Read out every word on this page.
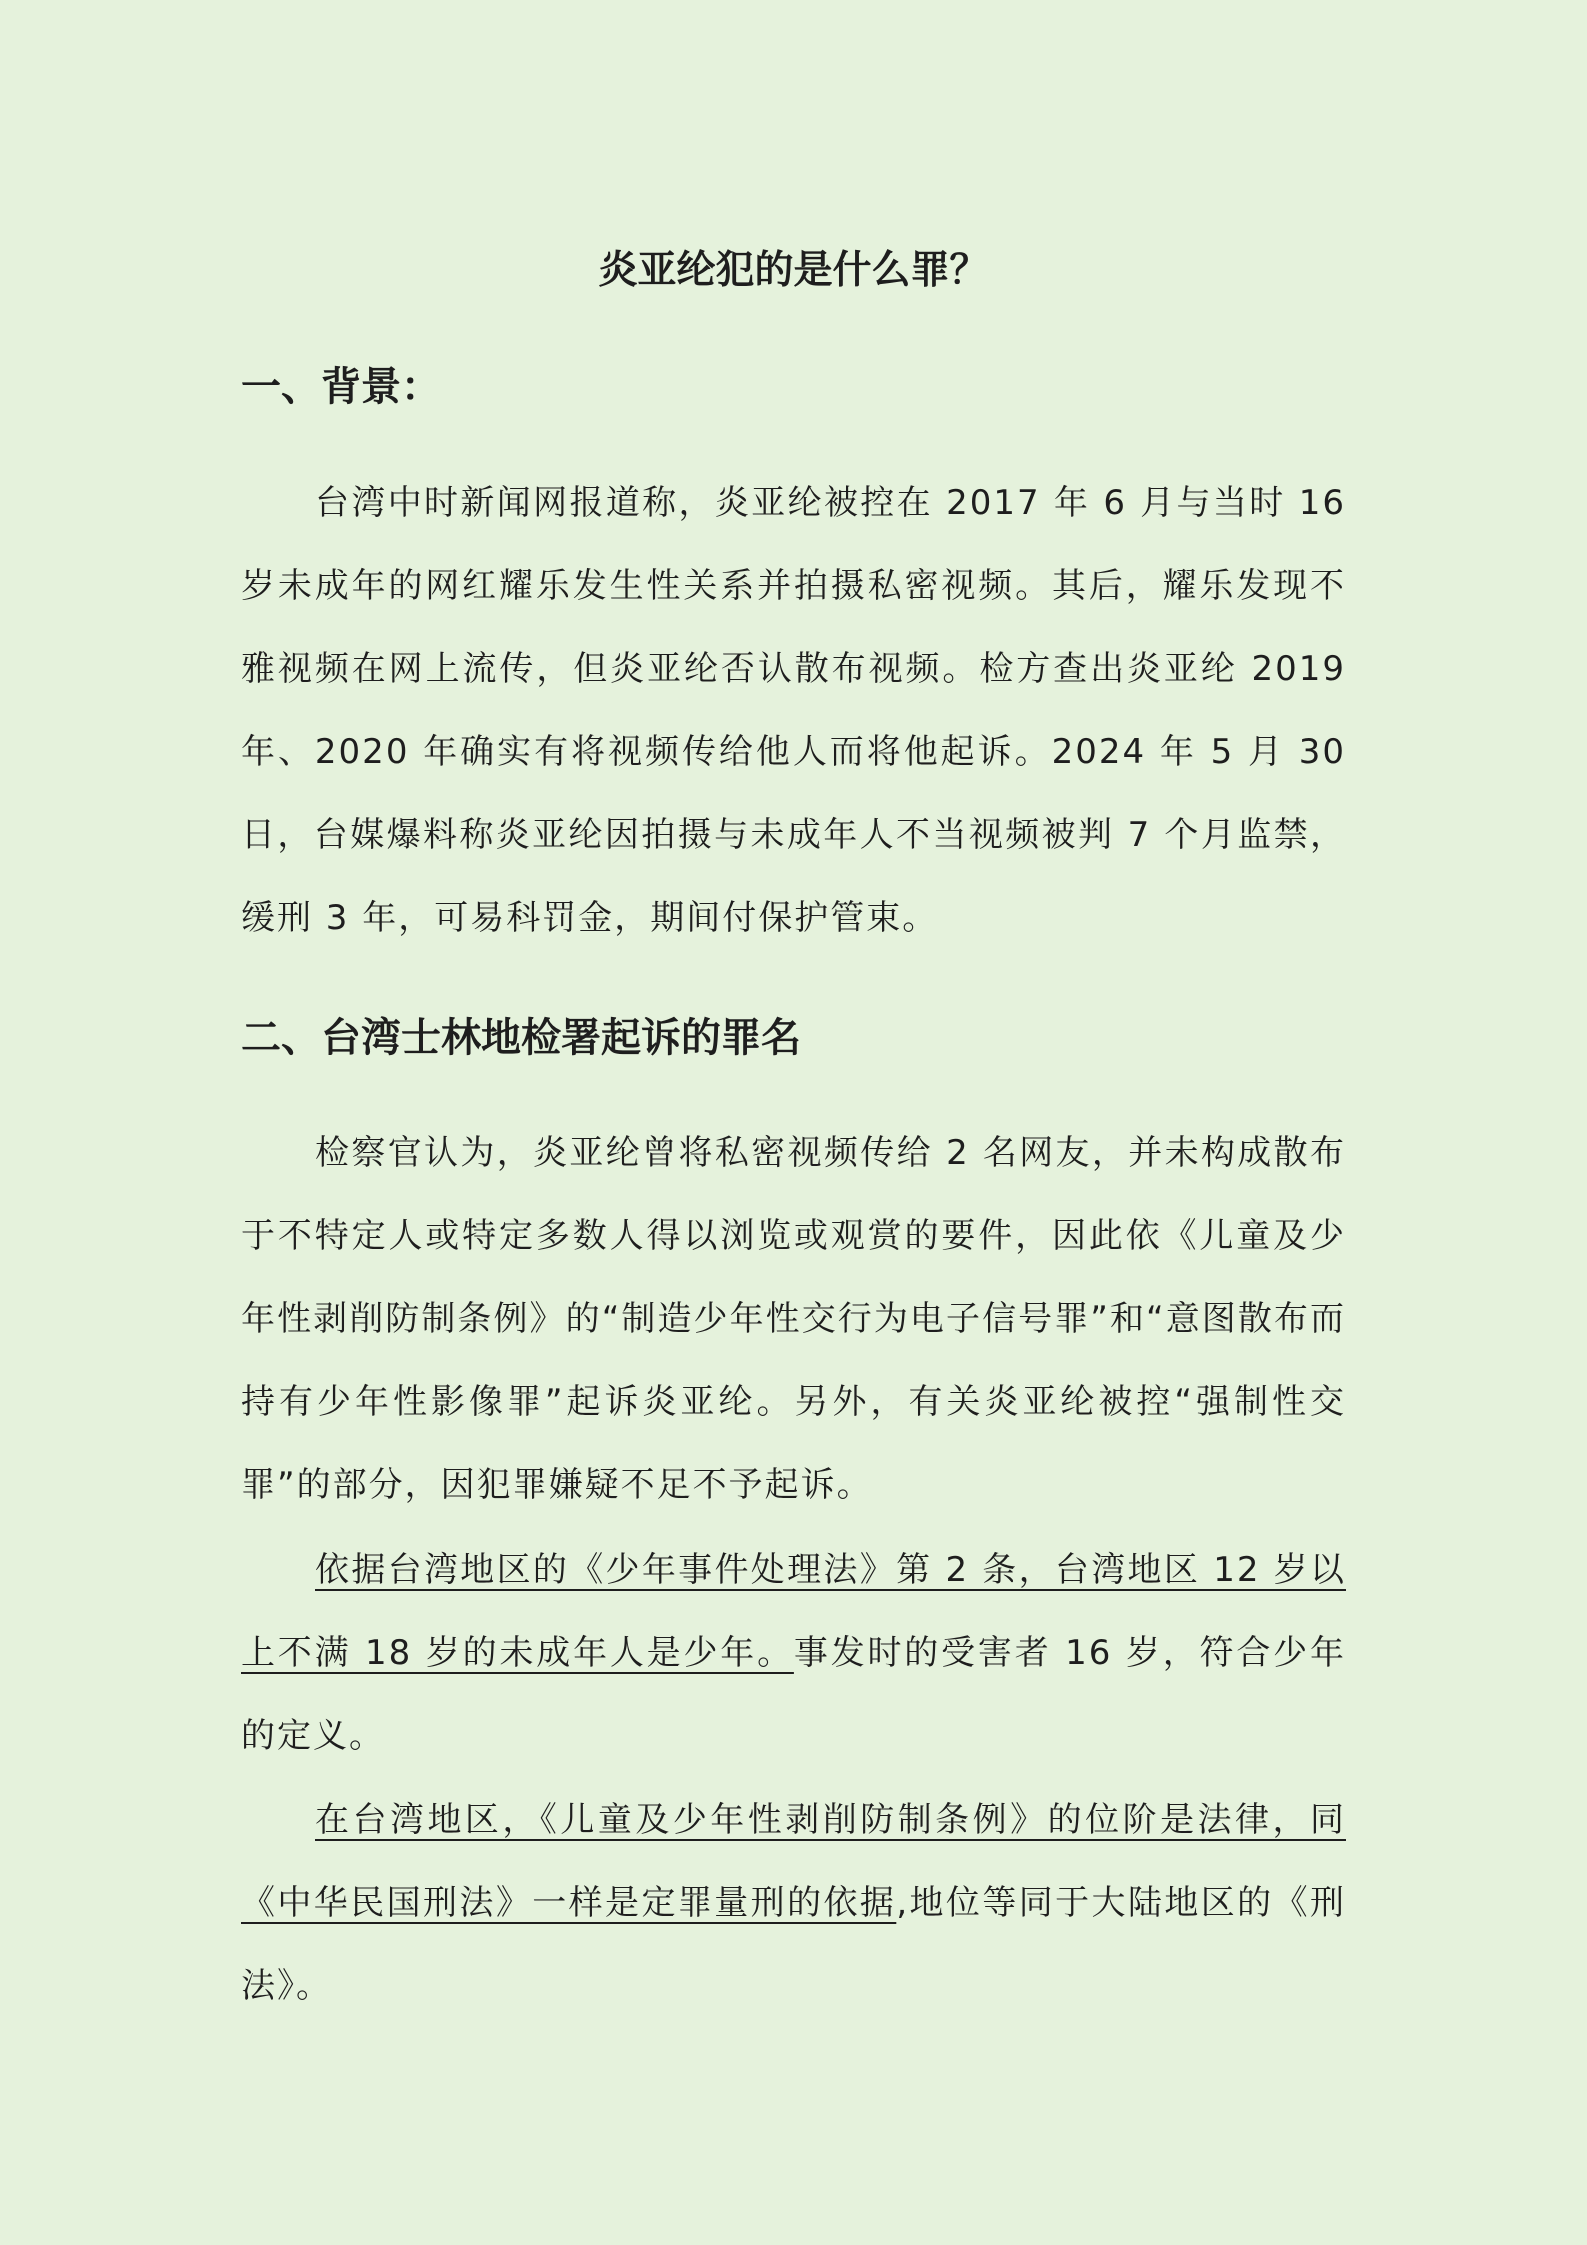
炎亚纶犯的是什么罪？
一、背景：

台湾中时新闻网报道称，炎亚纶被控在 2017 年 6 月与当时 16 岁未成年的网红耀乐发生性关系并拍摄私密视频。其后，耀乐发现不雅视频在网上流传，但炎亚纶否认散布视频。检方查出炎亚纶 2019 年、2020 年确实有将视频传给他人而将他起诉。2024 年 5 月 30 日，台媒爆料称炎亚纶因拍摄与未成年人不当视频被判 7 个月监禁，缓刑 3 年，可易科罚金，期间付保护管束。

二、台湾士林地检署起诉的罪名

检察官认为，炎亚纶曾将私密视频传给 2 名网友，并未构成散布于不特定人或特定多数人得以浏览或观赏的要件，因此依《儿童及少年性剥削防制条例》的“制造少年性交行为电子信号罪”和“意图散布而持有少年性影像罪”起诉炎亚纶。另外，有关炎亚纶被控“强制性交罪”的部分，因犯罪嫌疑不足不予起诉。

依据台湾地区的《少年事件处理法》第 2 条，台湾地区 12 岁以上不满 18 岁的未成年人是少年。事发时的受害者 16 岁，符合少年的定义。

在台湾地区，《儿童及少年性剥削防制条例》的位阶是法律，同《中华民国刑法》一样是定罪量刑的依据,地位等同于大陆地区的《刑法》。
